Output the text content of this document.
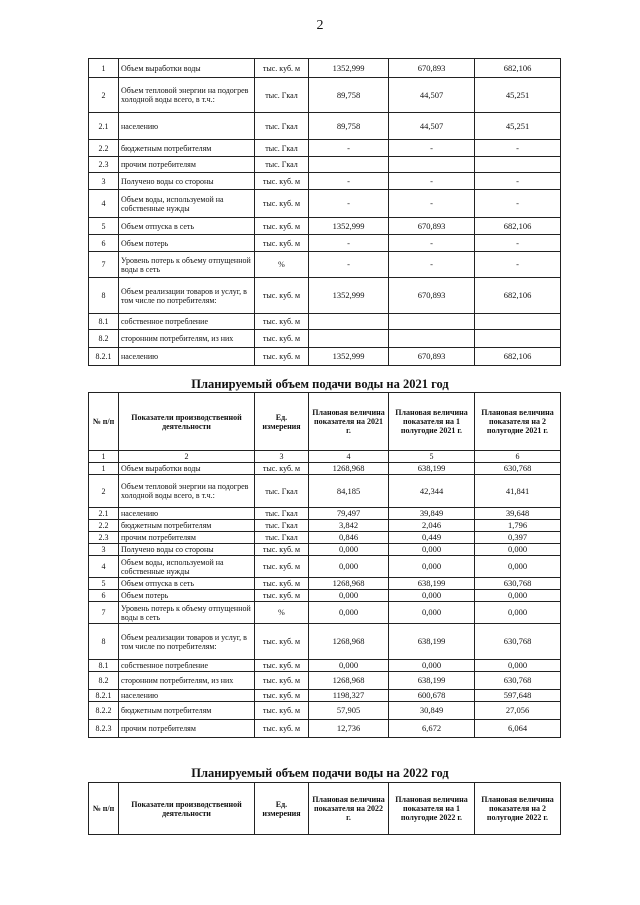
2
1	Объем выработки воды	тыс. куб. м	1352,999	670,893	682,106
2	Объем тепловой энергии на подогрев холодной воды всего, в т.ч.:	тыс. Гкал	89,758	44,507	45,251
2.1	населению	тыс. Гкал	89,758	44,507	45,251
2.2	бюджетным потребителям	тыс. Гкал	-	-	-
2.3	прочим потребителям	тыс. Гкал			
3	Получено воды со стороны	тыс. куб. м	-	-	-
4	Объем воды, используемой на собственные нужды	тыс. куб. м	-	-	-
5	Объем отпуска в сеть	тыс. куб. м	1352,999	670,893	682,106
6	Объем потерь	тыс. куб. м	-	-	-
7	Уровень потерь к объему отпущенной воды в сеть	%	-	-	-
8	Объем реализации товаров и услуг, в том числе по потребителям:	тыс. куб. м	1352,999	670,893	682,106
8.1	собственное потребление	тыс. куб. м			
8.2	сторонним потребителям, из них	тыс. куб. м			
8.2.1	населению	тыс. куб. м	1352,999	670,893	682,106
Планируемый объем подачи воды на 2021 год
№ п/п	Показатели производственной деятельности	Ед. измерения	Плановая величина показателя на 2021 г.	Плановая величина показателя на 1 полугодие 2021 г.	Плановая величина показателя на 2 полугодие 2021 г.
1	2	3	4	5	6
1	Объем выработки воды	тыс. куб. м	1268,968	638,199	630,768
2	Объем тепловой энергии на подогрев холодной воды всего, в т.ч.:	тыс. Гкал	84,185	42,344	41,841
2.1	населению	тыс. Гкал	79,497	39,849	39,648
2.2	бюджетным потребителям	тыс. Гкал	3,842	2,046	1,796
2.3	прочим потребителям	тыс. Гкал	0,846	0,449	0,397
3	Получено воды со стороны	тыс. куб. м	0,000	0,000	0,000
4	Объем воды, используемой на собственные нужды	тыс. куб. м	0,000	0,000	0,000
5	Объем отпуска в сеть	тыс. куб. м	1268,968	638,199	630,768
6	Объем потерь	тыс. куб. м	0,000	0,000	0,000
7	Уровень потерь к объему отпущенной воды в сеть	%	0,000	0,000	0,000
8	Объем реализации товаров и услуг, в том числе по потребителям:	тыс. куб. м	1268,968	638,199	630,768
8.1	собственное потребление	тыс. куб. м	0,000	0,000	0,000
8.2	сторонним потребителям, из них	тыс. куб. м	1268,968	638,199	630,768
8.2.1	населению	тыс. куб. м	1198,327	600,678	597,648
8.2.2	бюджетным потребителям	тыс. куб. м	57,905	30,849	27,056
8.2.3	прочим потребителям	тыс. куб. м	12,736	6,672	6,064
Планируемый объем подачи воды на 2022 год
№ п/п	Показатели производственной деятельности	Ед. измерения	Плановая величина показателя на 2022 г.	Плановая величина показателя на 1 полугодие 2022 г.	Плановая величина показателя на 2 полугодие 2022 г.
